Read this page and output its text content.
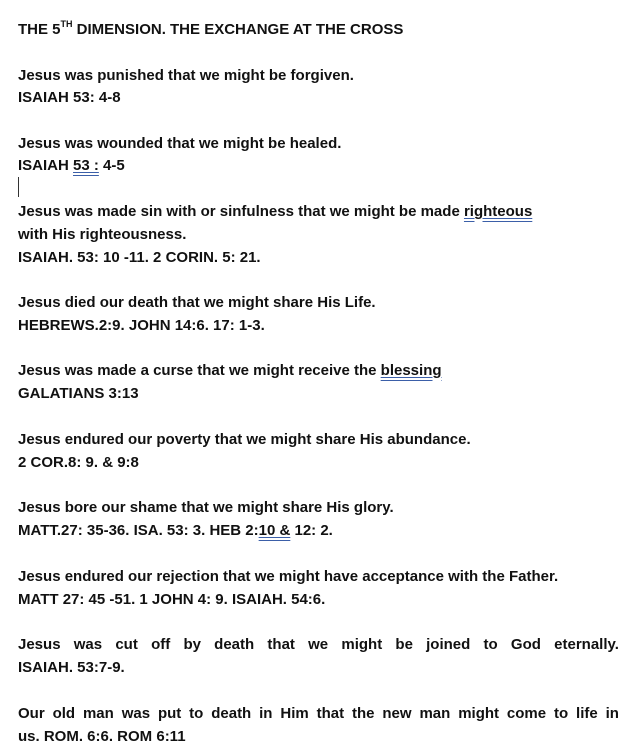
THE 5TH DIMENSION. THE EXCHANGE AT THE CROSS
Jesus was punished that we might be forgiven.
ISAIAH 53: 4-8
Jesus was wounded that we might be healed.
ISAIAH 53 : 4-5
Jesus was made sin with or sinfulness that we might be made righteous
with His righteousness.
ISAIAH. 53: 10 -11. 2 CORIN. 5: 21.
Jesus died our death that we might share His Life.
HEBREWS.2:9. JOHN 14:6. 17: 1-3.
Jesus was made a curse that we might receive the blessing
GALATIANS 3:13
Jesus endured our poverty that we might share His abundance.
2 COR.8: 9. & 9:8
Jesus bore our shame that we might share His glory.
MATT.27: 35-36. ISA. 53: 3. HEB 2:10 & 12: 2.
Jesus endured our rejection that we might have acceptance with the Father.
MATT 27: 45 -51. 1 JOHN 4: 9. ISAIAH. 54:6.
Jesus was cut off by death that we might be joined to God eternally.
ISAIAH. 53:7-9.
Our old man was put to death in Him that the new man might come to life in
us. ROM. 6:6. ROM 6:11
